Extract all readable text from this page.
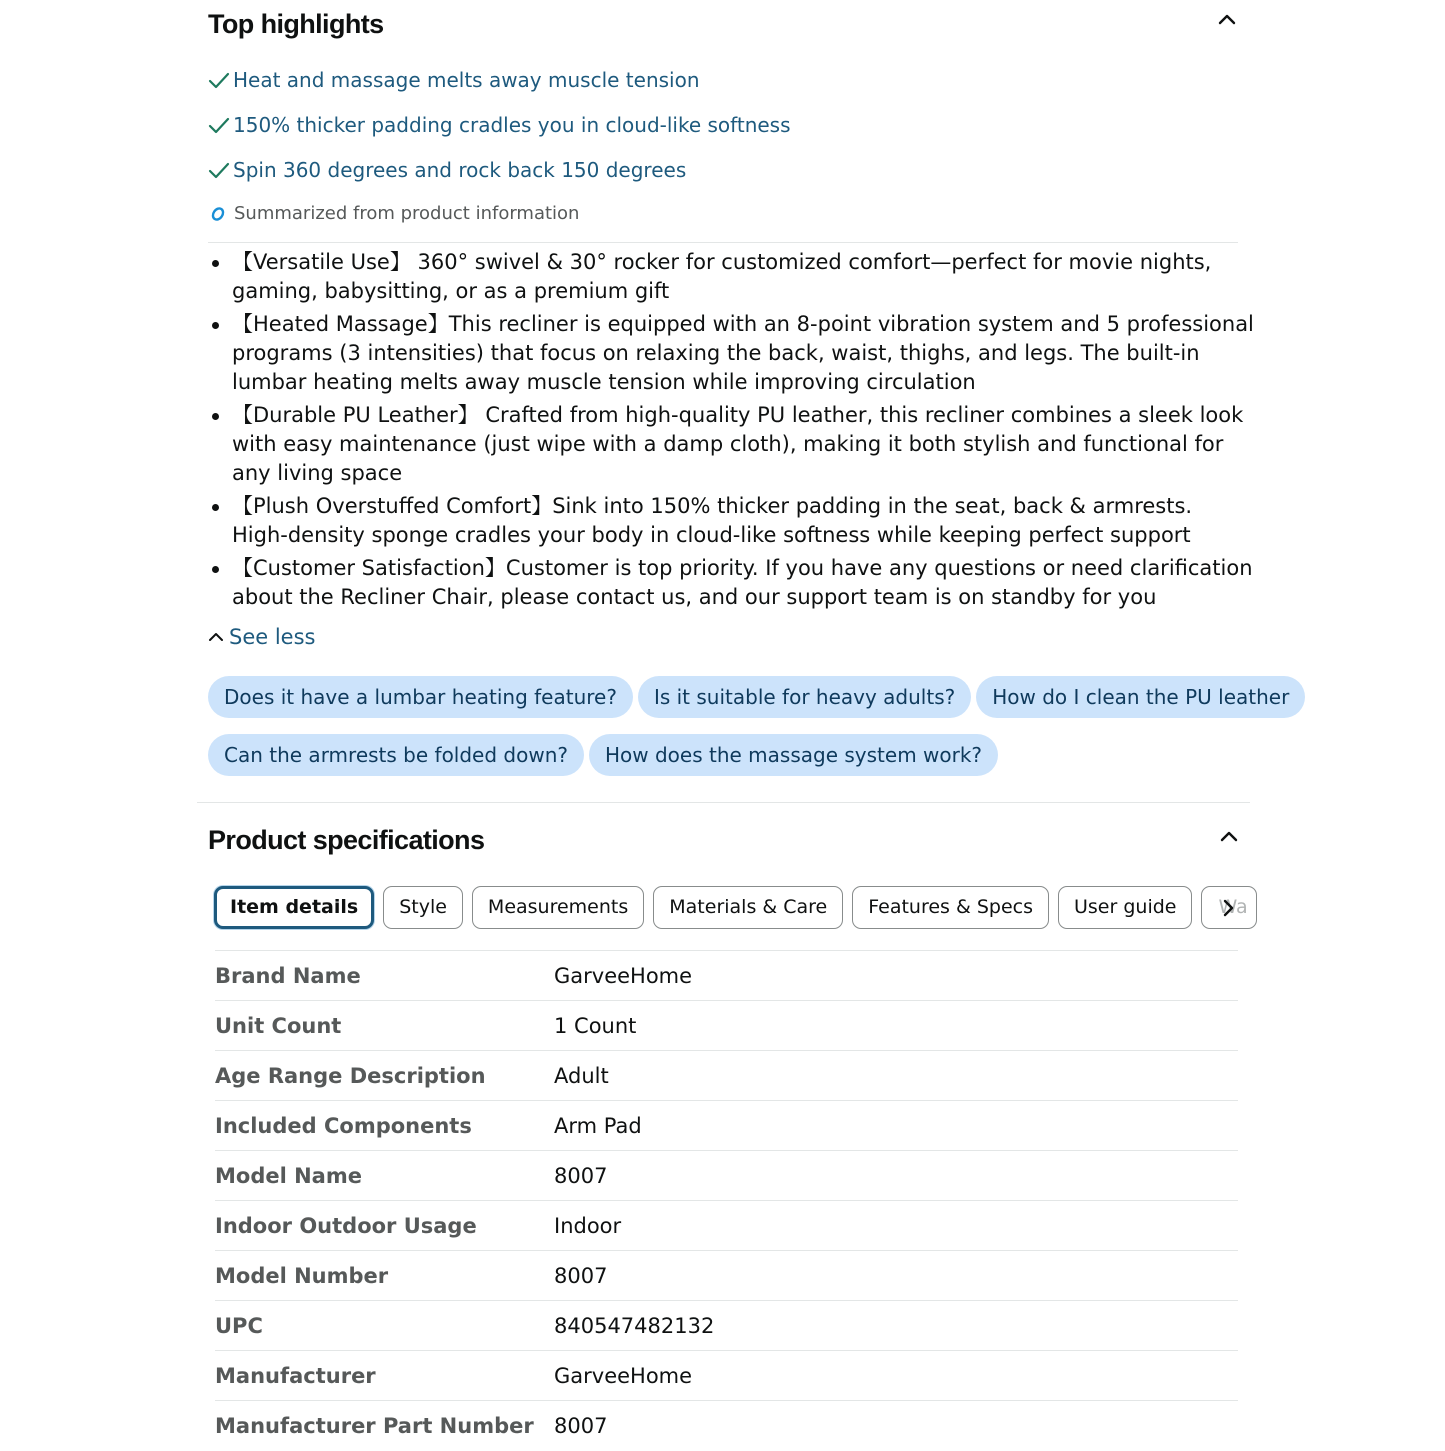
Top highlights
Heat and massage melts away muscle tension
150% thicker padding cradles you in cloud-like softness
Spin 360 degrees and rock back 150 degrees
Summarized from product information
【Versatile Use】 360° swivel & 30° rocker for customized comfort—perfect for movie nights,
gaming, babysitting, or as a premium gift
【Heated Massage】This recliner is equipped with an 8-point vibration system and 5 professional
programs (3 intensities) that focus on relaxing the back, waist, thighs, and legs. The built-in
lumbar heating melts away muscle tension while improving circulation
【Durable PU Leather】 Crafted from high-quality PU leather, this recliner combines a sleek look
with easy maintenance (just wipe with a damp cloth), making it both stylish and functional for
any living space
【Plush Overstuffed Comfort】Sink into 150% thicker padding in the seat, back & armrests.
High-density sponge cradles your body in cloud-like softness while keeping perfect support
【Customer Satisfaction】Customer is top priority. If you have any questions or need clarification
about the Recliner Chair, please contact us, and our support team is on standby for you
See less
Does it have a lumbar heating feature? Is it suitable for heavy adults? How do I clean the PU leather
Can the armrests be folded down? How does the massage system work?
Product specifications
Item details Style Measurements Materials & Care Features & Specs User guide Wa
Brand Name	GarveeHome
Unit Count	1 Count
Age Range Description	Adult
Included Components	Arm Pad
Model Name	8007
Indoor Outdoor Usage	Indoor
Model Number	8007
UPC	840547482132
Manufacturer	GarveeHome
Manufacturer Part Number	8007
